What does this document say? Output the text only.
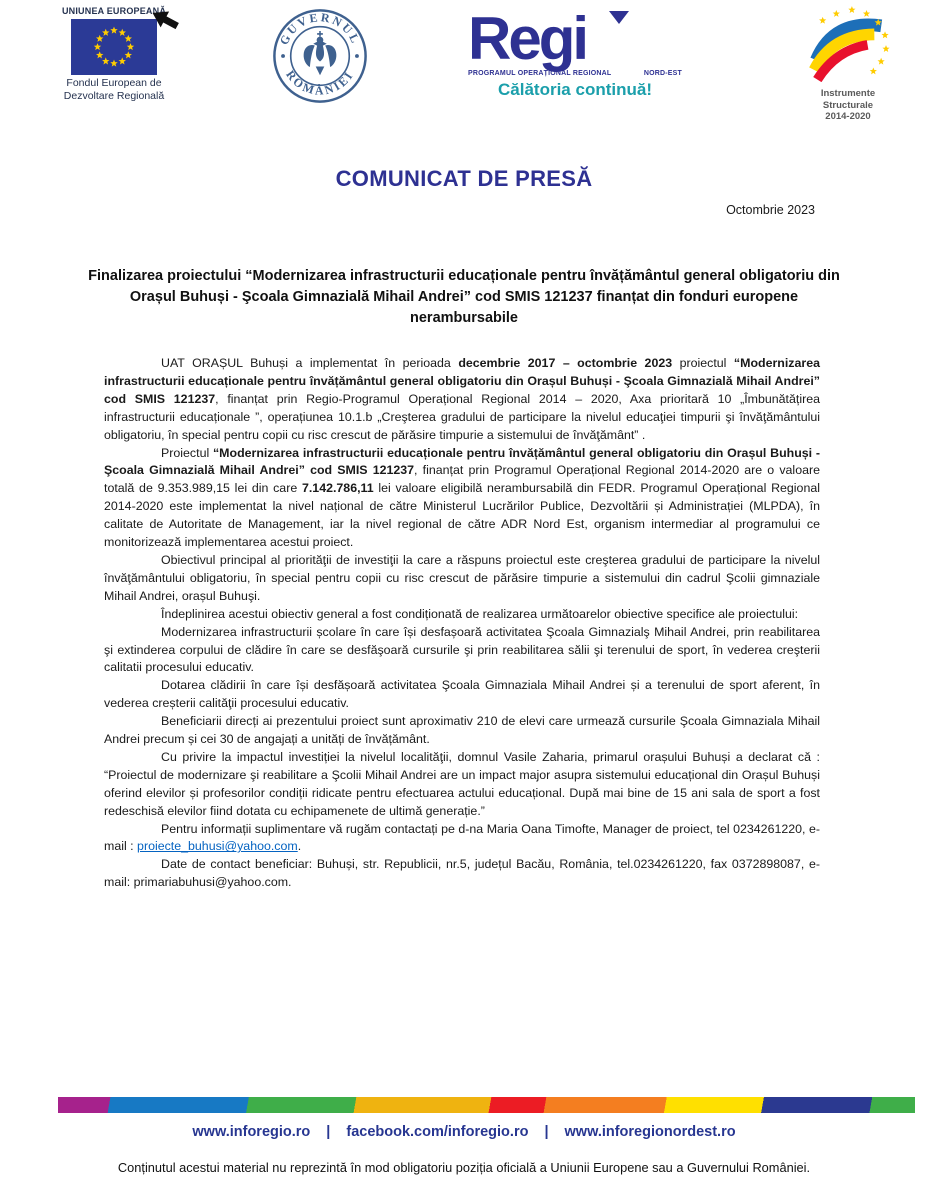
UNIUNEA EUROPEANĂ
Fondul European de
Dezvoltare Regională
GUVERNUL
ROMÂNIEI
Regi
PROGRAMUL OPERAȚIONAL REGIONAL	NORD-EST
Călătoria continuă!	Instrumente Structurale
2014-2020
COMUNICAT DE PRESĂ
Octombrie 2023
Finalizarea proiectului “Modernizarea infrastructurii educaționale pentru învățământul general obligatoriu din Orașul Buhuși - Şcoala Gimnazială Mihail Andrei” cod SMIS 121237 finanțat din fonduri europene nerambursabile

UAT ORAȘUL Buhuși a implementat în perioada decembrie 2017 – octombrie 2023 proiectul “Modernizarea infrastructurii educaționale pentru învățământul general obligatoriu din Orașul Buhuși - Şcoala Gimnazială Mihail Andrei” cod SMIS 121237, finanțat prin Regio-Programul Operațional Regional 2014 – 2020, Axa prioritară 10 „Îmbunătățirea infrastructurii educaționale ”, operațiunea 10.1.b „Creşterea gradului de participare la nivelul educaţiei timpurii şi învăţământului obligatoriu, în special pentru copii cu risc crescut de părăsire timpurie a sistemului de învăţământ” .

Proiectul “Modernizarea infrastructurii educaționale pentru învățământul general obligatoriu din Orașul Buhuși - Şcoala Gimnazială Mihail Andrei” cod SMIS 121237, finanțat prin Programul Operațional Regional 2014-2020 are o valoare totală de 9.353.989,15 lei din care 7.142.786,11 lei valoare eligibilă nerambursabilă din FEDR. Programul Operațional Regional 2014-2020 este implementat la nivel național de către Ministerul Lucrărilor Publice, Dezvoltării și Administrației (MLPDA), în calitate de Autoritate de Management, iar la nivel regional de către ADR Nord Est, organism intermediar al programului ce monitorizează implementarea acestui proiect.

Obiectivul principal al priorităţii de investiţii la care a răspuns proiectul este creşterea gradului de participare la nivelul învăţământului obligatoriu, în special pentru copii cu risc crescut de părăsire timpurie a sistemului din cadrul Şcolii gimnaziale Mihail Andrei, orașul Buhuşi.

Îndeplinirea acestui obiectiv general a fost condiționată de realizarea următoarelor obiective specifice ale proiectului:

Modernizarea infrastructurii școlare în care își desfașoară activitatea Şcoala Gimnazialş Mihail Andrei, prin reabilitarea şi extinderea corpului de clădire în care se desfăşoară cursurile şi prin reabilitarea sălii şi terenului de sport, în vederea creşterii calitatii procesului educativ.

Dotarea clădirii în care își desfășoară activitatea Şcoala Gimnaziala Mihail Andrei și a terenului de sport aferent, în vederea creșterii calităţii procesului educativ.

Beneficiarii direcți ai prezentului proiect sunt aproximativ 210 de elevi care urmează cursurile Şcoala Gimnaziala Mihail Andrei precum și cei 30 de angajați a unități de învățământ.

Cu privire la impactul investiției la nivelul localităţii, domnul Vasile Zaharia, primarul orașului Buhuși a declarat că : “Proiectul de modernizare şi reabilitare a Şcolii Mihail Andrei are un impact major asupra sistemului educațional din Orașul Buhuși oferind elevilor și profesorilor condiții ridicate pentru efectuarea actului educațional. După mai bine de 15 ani sala de sport a fost redeschisă elevilor fiind dotata cu echipamenete de ultimă generație.”

Pentru informații suplimentare vă rugăm contactați pe d-na Maria Oana Timofte, Manager de proiect, tel 0234261220, e-mail : proiecte_buhusi@yahoo.com.

Date de contact beneficiar: Buhuși, str. Republicii, nr.5, județul Bacău, România, tel.0234261220, fax 0372898087, e-mail: primariabuhusi@yahoo.com.

www.inforegio.ro | facebook.com/inforegio.ro | www.inforegionordest.ro
Conținutul acestui material nu reprezintă în mod obligatoriu poziția oficială a Uniunii Europene sau a Guvernului României.
